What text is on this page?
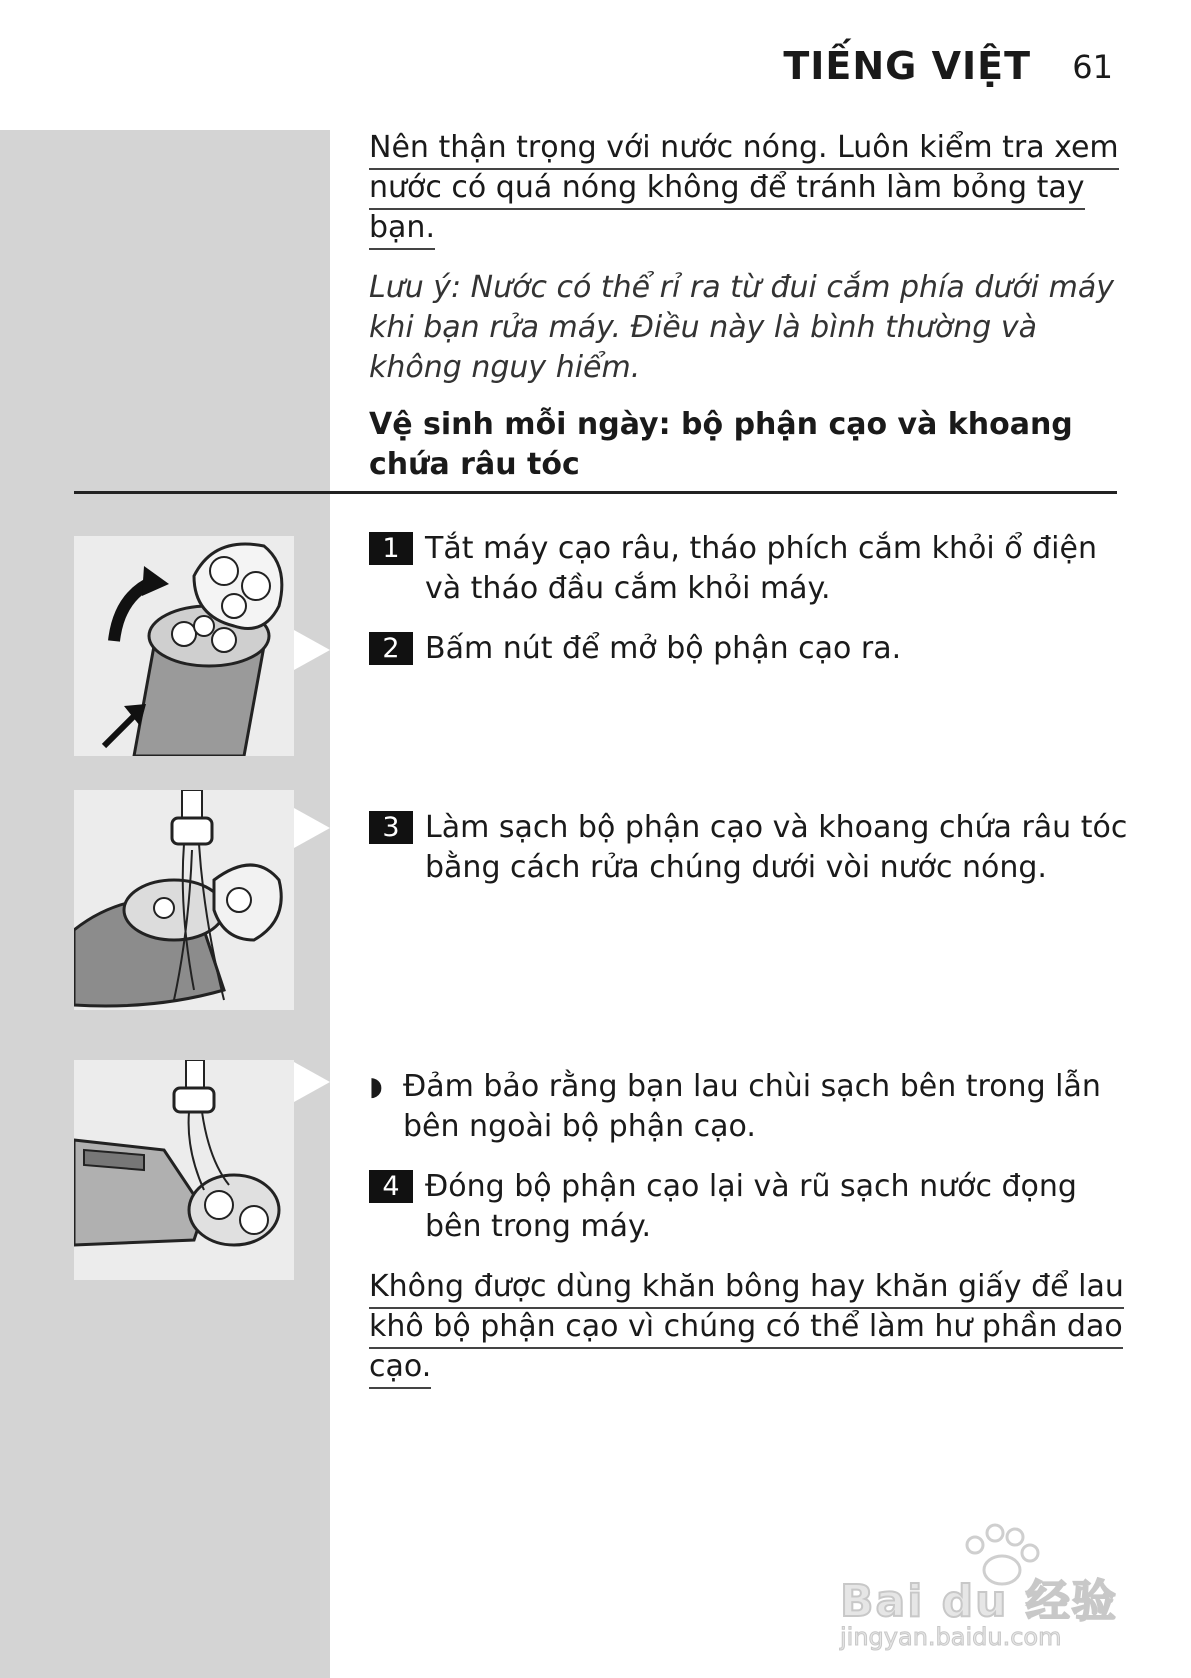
TIẾNG VIỆT 61
Nên thận trọng với nước nóng. Luôn kiểm tra xem nước có quá nóng không để tránh làm bỏng tay bạn.
Lưu ý: Nước có thể rỉ ra từ đui cắm phía dưới máy khi bạn rửa máy. Điều này là bình thường và không nguy hiểm.
Vệ sinh mỗi ngày: bộ phận cạo và khoang chứa râu tóc
1 Tắt máy cạo râu, tháo phích cắm khỏi ổ điện và tháo đầu cắm khỏi máy.
2 Bấm nút để mở bộ phận cạo ra.
3 Làm sạch bộ phận cạo và khoang chứa râu tóc bằng cách rửa chúng dưới vòi nước nóng.
◗ Đảm bảo rằng bạn lau chùi sạch bên trong lẫn bên ngoài bộ phận cạo.
4 Đóng bộ phận cạo lại và rũ sạch nước đọng bên trong máy.
Không được dùng khăn bông hay khăn giấy để lau khô bộ phận cạo vì chúng có thể làm hư phần dao cạo.
Bai du 经验
jingyan.baidu.com
